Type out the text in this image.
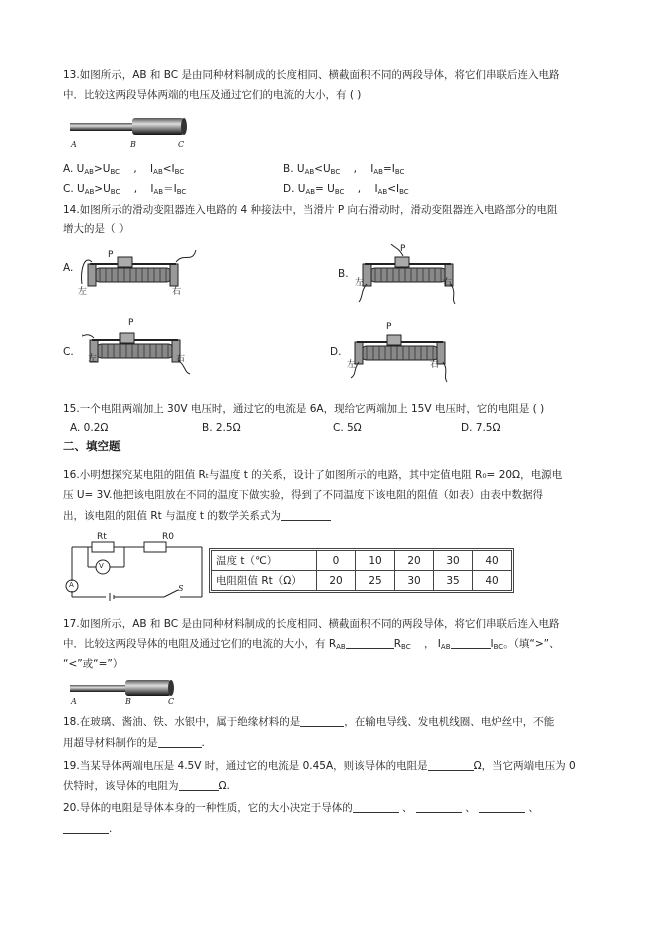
13.如图所示，AB 和 BC 是由同种材料制成的长度相同、横截面积不同的两段导体，将它们串联后连入电路
中．比较这两段导体两端的电压及通过它们的电流的大小，有 ( )
A	B	C
A. $U_{AB}>U_{BC}$    ,    $I_{AB}<I_{BC}$	B. $U_{AB}<U_{BC}$    ,    $I_{AB}=I_{BC}$
C. $U_{AB}>U_{BC}$    ,    $I_{AB}=I_{BC}$	D. $U_{AB}= U_{BC}$    ,    $I_{AB}<I_{BC}$
14.如图所示的滑动变阻器连入电路的 4 种接法中，当滑片 P 向右滑动时，滑动变阻器连入电路部分的电阻
增大的是（ ）
A.
P
左	右
B.
P
左	右
C.
P
左	右
D.
P
左	右
15.一个电阻两端加上 30V 电压时，通过它的电流是 6A，现给它两端加上 15V 电压时，它的电阻是 ( )
A. 0.2Ω	B. 2.5Ω	C. 5Ω	D. 7.5Ω
二、填空题
16.小明想探究某电阻的阻值 Rₜ与温度 t 的关系，设计了如图所示的电路，其中定值电阻 R₀= 20Ω，电源电
压 U= 3V.他把该电阻放在不同的温度下做实验，得到了不同温度下该电阻的阻值（如表）由表中数据得
出，该电阻的阻值 Rt 与温度 t 的数学关系式为
Rt	R0
V
A	S
温度 t（℃）	0	10	20	30	40
电阻阻值 Rt（Ω）	20	25	30	35	40
17.如图所示，AB 和 BC 是由同种材料制成的长度相同、横截面积不同的两段导体，将它们串联后连入电路
中．比较这两段导体的电阻及通过它们的电流的大小，有 $R_{AB}$	$R_{BC}$ ， $I_{AB}$	$I_{BC}$。（填“>”、
“<”或“=”）
A	B	C
18.在玻璃、酱油、铁、水银中，属于绝缘材料的是	，在输电导线、发电机线圈、电炉丝中，不能
用超导材料制作的是	.
19.当某导体两端电压是 4.5V 时，通过它的电流是 0.45A，则该导体的电阻是	Ω，当它两端电压为 0
伏特时，该导体的电阻为	Ω.
20.导体的电阻是导体本身的一种性质，它的大小决定于导体的	、	、	、
.
